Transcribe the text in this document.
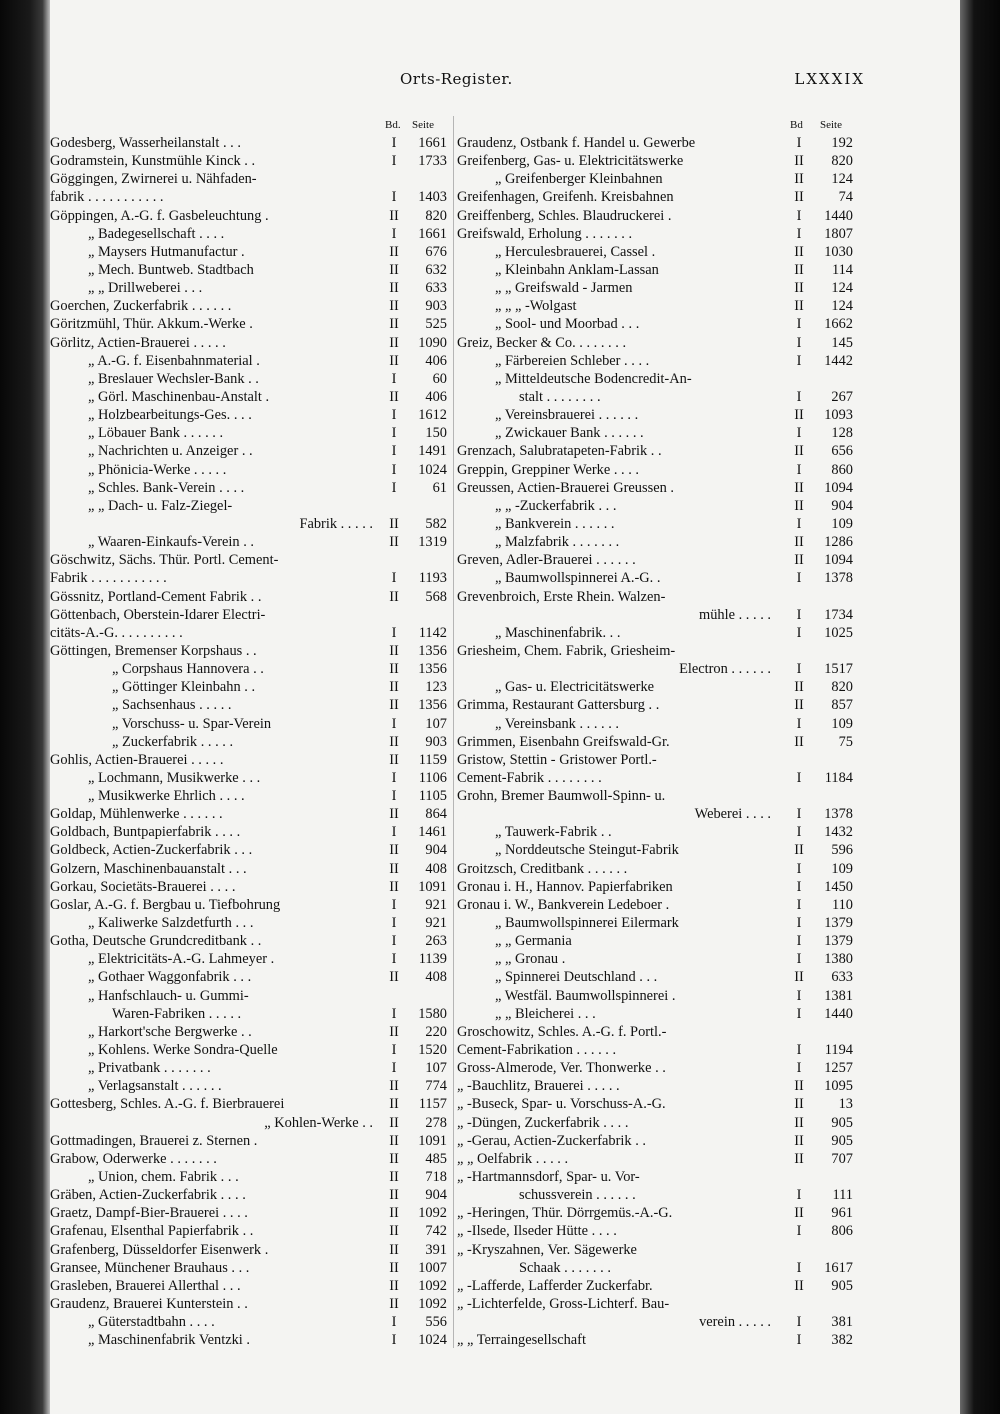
Orts-Register.	LXXXIX
Bd. Seite
Godesberg, Wasserheilanstalt . . .	I	1661
Godramstein, Kunstmühle Kinck . .	I	1733
Göggingen, Zwirnerei u. Nähfaden-
fabrik . . . . . . . . . . .	I	1403
Göppingen, A.-G. f. Gasbeleuchtung .	II	820
„ Badegesellschaft . . . .	I	1661
„ Maysers Hutmanufactur .	II	676
„ Mech. Buntweb. Stadtbach	II	632
„ „ Drillweberei . . .	II	633
Goerchen, Zuckerfabrik . . . . . .	II	903
Göritzmühl, Thür. Akkum.-Werke .	II	525
Görlitz, Actien-Brauerei . . . . .	II	1090
„ A.-G. f. Eisenbahnmaterial .	II	406
„ Breslauer Wechsler-Bank . .	I	60
„ Görl. Maschinenbau-Anstalt .	II	406
„ Holzbearbeitungs-Ges. . . .	I	1612
„ Löbauer Bank . . . . . .	I	150
„ Nachrichten u. Anzeiger . .	I	1491
„ Phönicia-Werke . . . . .	I	1024
„ Schles. Bank-Verein . . . .	I	61
„ „ Dach- u. Falz-Ziegel-
Fabrik . . . . .	II	582
„ Waaren-Einkaufs-Verein . .	II	1319
Göschwitz, Sächs. Thür. Portl. Cement-
Fabrik . . . . . . . . . . .	I	1193
Gössnitz, Portland-Cement Fabrik . .	II	568
Göttenbach, Oberstein-Idarer Electri-
citäts-A.-G. . . . . . . . . .	I	1142
Göttingen, Bremenser Korpshaus . .	II	1356
„ Corpshaus Hannovera . .	II	1356
„ Göttinger Kleinbahn . .	II	123
„ Sachsenhaus . . . . .	II	1356
„ Vorschuss- u. Spar-Verein	I	107
„ Zuckerfabrik . . . . .	II	903
Gohlis, Actien-Brauerei . . . . .	II	1159
„ Lochmann, Musikwerke . . .	I	1106
„ Musikwerke Ehrlich . . . .	I	1105
Goldap, Mühlenwerke . . . . . .	II	864
Goldbach, Buntpapierfabrik . . . .	I	1461
Goldbeck, Actien-Zuckerfabrik . . .	II	904
Golzern, Maschinenbauanstalt . . .	II	408
Gorkau, Societäts-Brauerei . . . .	II	1091
Goslar, A.-G. f. Bergbau u. Tiefbohrung	I	921
„ Kaliwerke Salzdetfurth . . .	I	921
Gotha, Deutsche Grundcreditbank . .	I	263
„ Elektricitäts-A.-G. Lahmeyer .	I	1139
„ Gothaer Waggonfabrik . . .	II	408
„ Hanfschlauch- u. Gummi-
Waren-Fabriken . . . . .	I	1580
„ Harkort'sche Bergwerke . .	II	220
„ Kohlens. Werke Sondra-Quelle	I	1520
„ Privatbank . . . . . . .	I	107
„ Verlagsanstalt . . . . . .	II	774
Gottesberg, Schles. A.-G. f. Bierbrauerei	II	1157
„ Kohlen-Werke . .	II	278
Gottmadingen, Brauerei z. Sternen .	II	1091
Grabow, Oderwerke . . . . . . .	II	485
„ Union, chem. Fabrik . . .	II	718
Gräben, Actien-Zuckerfabrik . . . .	II	904
Graetz, Dampf-Bier-Brauerei . . . .	II	1092
Grafenau, Elsenthal Papierfabrik . .	II	742
Grafenberg, Düsseldorfer Eisenwerk .	II	391
Gransee, Münchener Brauhaus . . .	II	1007
Grasleben, Brauerei Allerthal . . .	II	1092
Graudenz, Brauerei Kunterstein . .	II	1092
„ Güterstadtbahn . . . .	I	556
„ Maschinenfabrik Ventzki .	I	1024
Bd Seite
Graudenz, Ostbank f. Handel u. Gewerbe	I	192
Greifenberg, Gas- u. Elektricitätswerke	II	820
„ Greifenberger Kleinbahnen	II	124
Greifenhagen, Greifenh. Kreisbahnen	II	74
Greiffenberg, Schles. Blaudruckerei .	I	1440
Greifswald, Erholung . . . . . . .	I	1807
„ Herculesbrauerei, Cassel .	II	1030
„ Kleinbahn Anklam-Lassan	II	114
„ „ Greifswald - Jarmen	II	124
„ „ „ -Wolgast	II	124
„ Sool- und Moorbad . . .	I	1662
Greiz, Becker & Co. . . . . . . .	I	145
„ Färbereien Schleber . . . .	I	1442
„ Mitteldeutsche Bodencredit-An-
stalt . . . . . . . .	I	267
„ Vereinsbrauerei . . . . . .	II	1093
„ Zwickauer Bank . . . . . .	I	128
Grenzach, Salubratapeten-Fabrik . .	II	656
Greppin, Greppiner Werke . . . .	I	860
Greussen, Actien-Brauerei Greussen .	II	1094
„ „ -Zuckerfabrik . . .	II	904
„ Bankverein . . . . . .	I	109
„ Malzfabrik . . . . . . .	II	1286
Greven, Adler-Brauerei . . . . . .	II	1094
„ Baumwollspinnerei A.-G. .	I	1378
Grevenbroich, Erste Rhein. Walzen-
mühle . . . . .	I	1734
„ Maschinenfabrik. . .	I	1025
Griesheim, Chem. Fabrik, Griesheim-
Electron . . . . . .	I	1517
„ Gas- u. Electricitätswerke	II	820
Grimma, Restaurant Gattersburg . .	II	857
„ Vereinsbank . . . . . .	I	109
Grimmen, Eisenbahn Greifswald-Gr.	II	75
Gristow, Stettin - Gristower Portl.-
Cement-Fabrik . . . . . . . .	I	1184
Grohn, Bremer Baumwoll-Spinn- u.
Weberei . . . .	I	1378
„ Tauwerk-Fabrik . .	I	1432
„ Norddeutsche Steingut-Fabrik	II	596
Groitzsch, Creditbank . . . . . .	I	109
Gronau i. H., Hannov. Papierfabriken	I	1450
Gronau i. W., Bankverein Ledeboer .	I	110
„ Baumwollspinnerei Eilermark	I	1379
„ „ Germania	I	1379
„ „ Gronau .	I	1380
„ Spinnerei Deutschland . . .	II	633
„ Westfäl. Baumwollspinnerei .	I	1381
„ „ Bleicherei . . .	I	1440
Groschowitz, Schles. A.-G. f. Portl.-
Cement-Fabrikation . . . . . .	I	1194
Gross-Almerode, Ver. Thonwerke . .	I	1257
„ -Bauchlitz, Brauerei . . . . .	II	1095
„ -Buseck, Spar- u. Vorschuss-A.-G.	II	13
„ -Düngen, Zuckerfabrik . . . .	II	905
„ -Gerau, Actien-Zuckerfabrik . .	II	905
„ „ Oelfabrik . . . . .	II	707
„ -Hartmannsdorf, Spar- u. Vor-
schussverein . . . . . .	I	111
„ -Heringen, Thür. Dörrgemüs.-A.-G.	II	961
„ -Ilsede, Ilseder Hütte . . . .	I	806
„ -Kryszahnen, Ver. Sägewerke
Schaak . . . . . . .	I	1617
„ -Lafferde, Lafferder Zuckerfabr.	II	905
„ -Lichterfelde, Gross-Lichterf. Bau-
verein . . . . .	I	381
„ „ Terraingesellschaft	I	382
